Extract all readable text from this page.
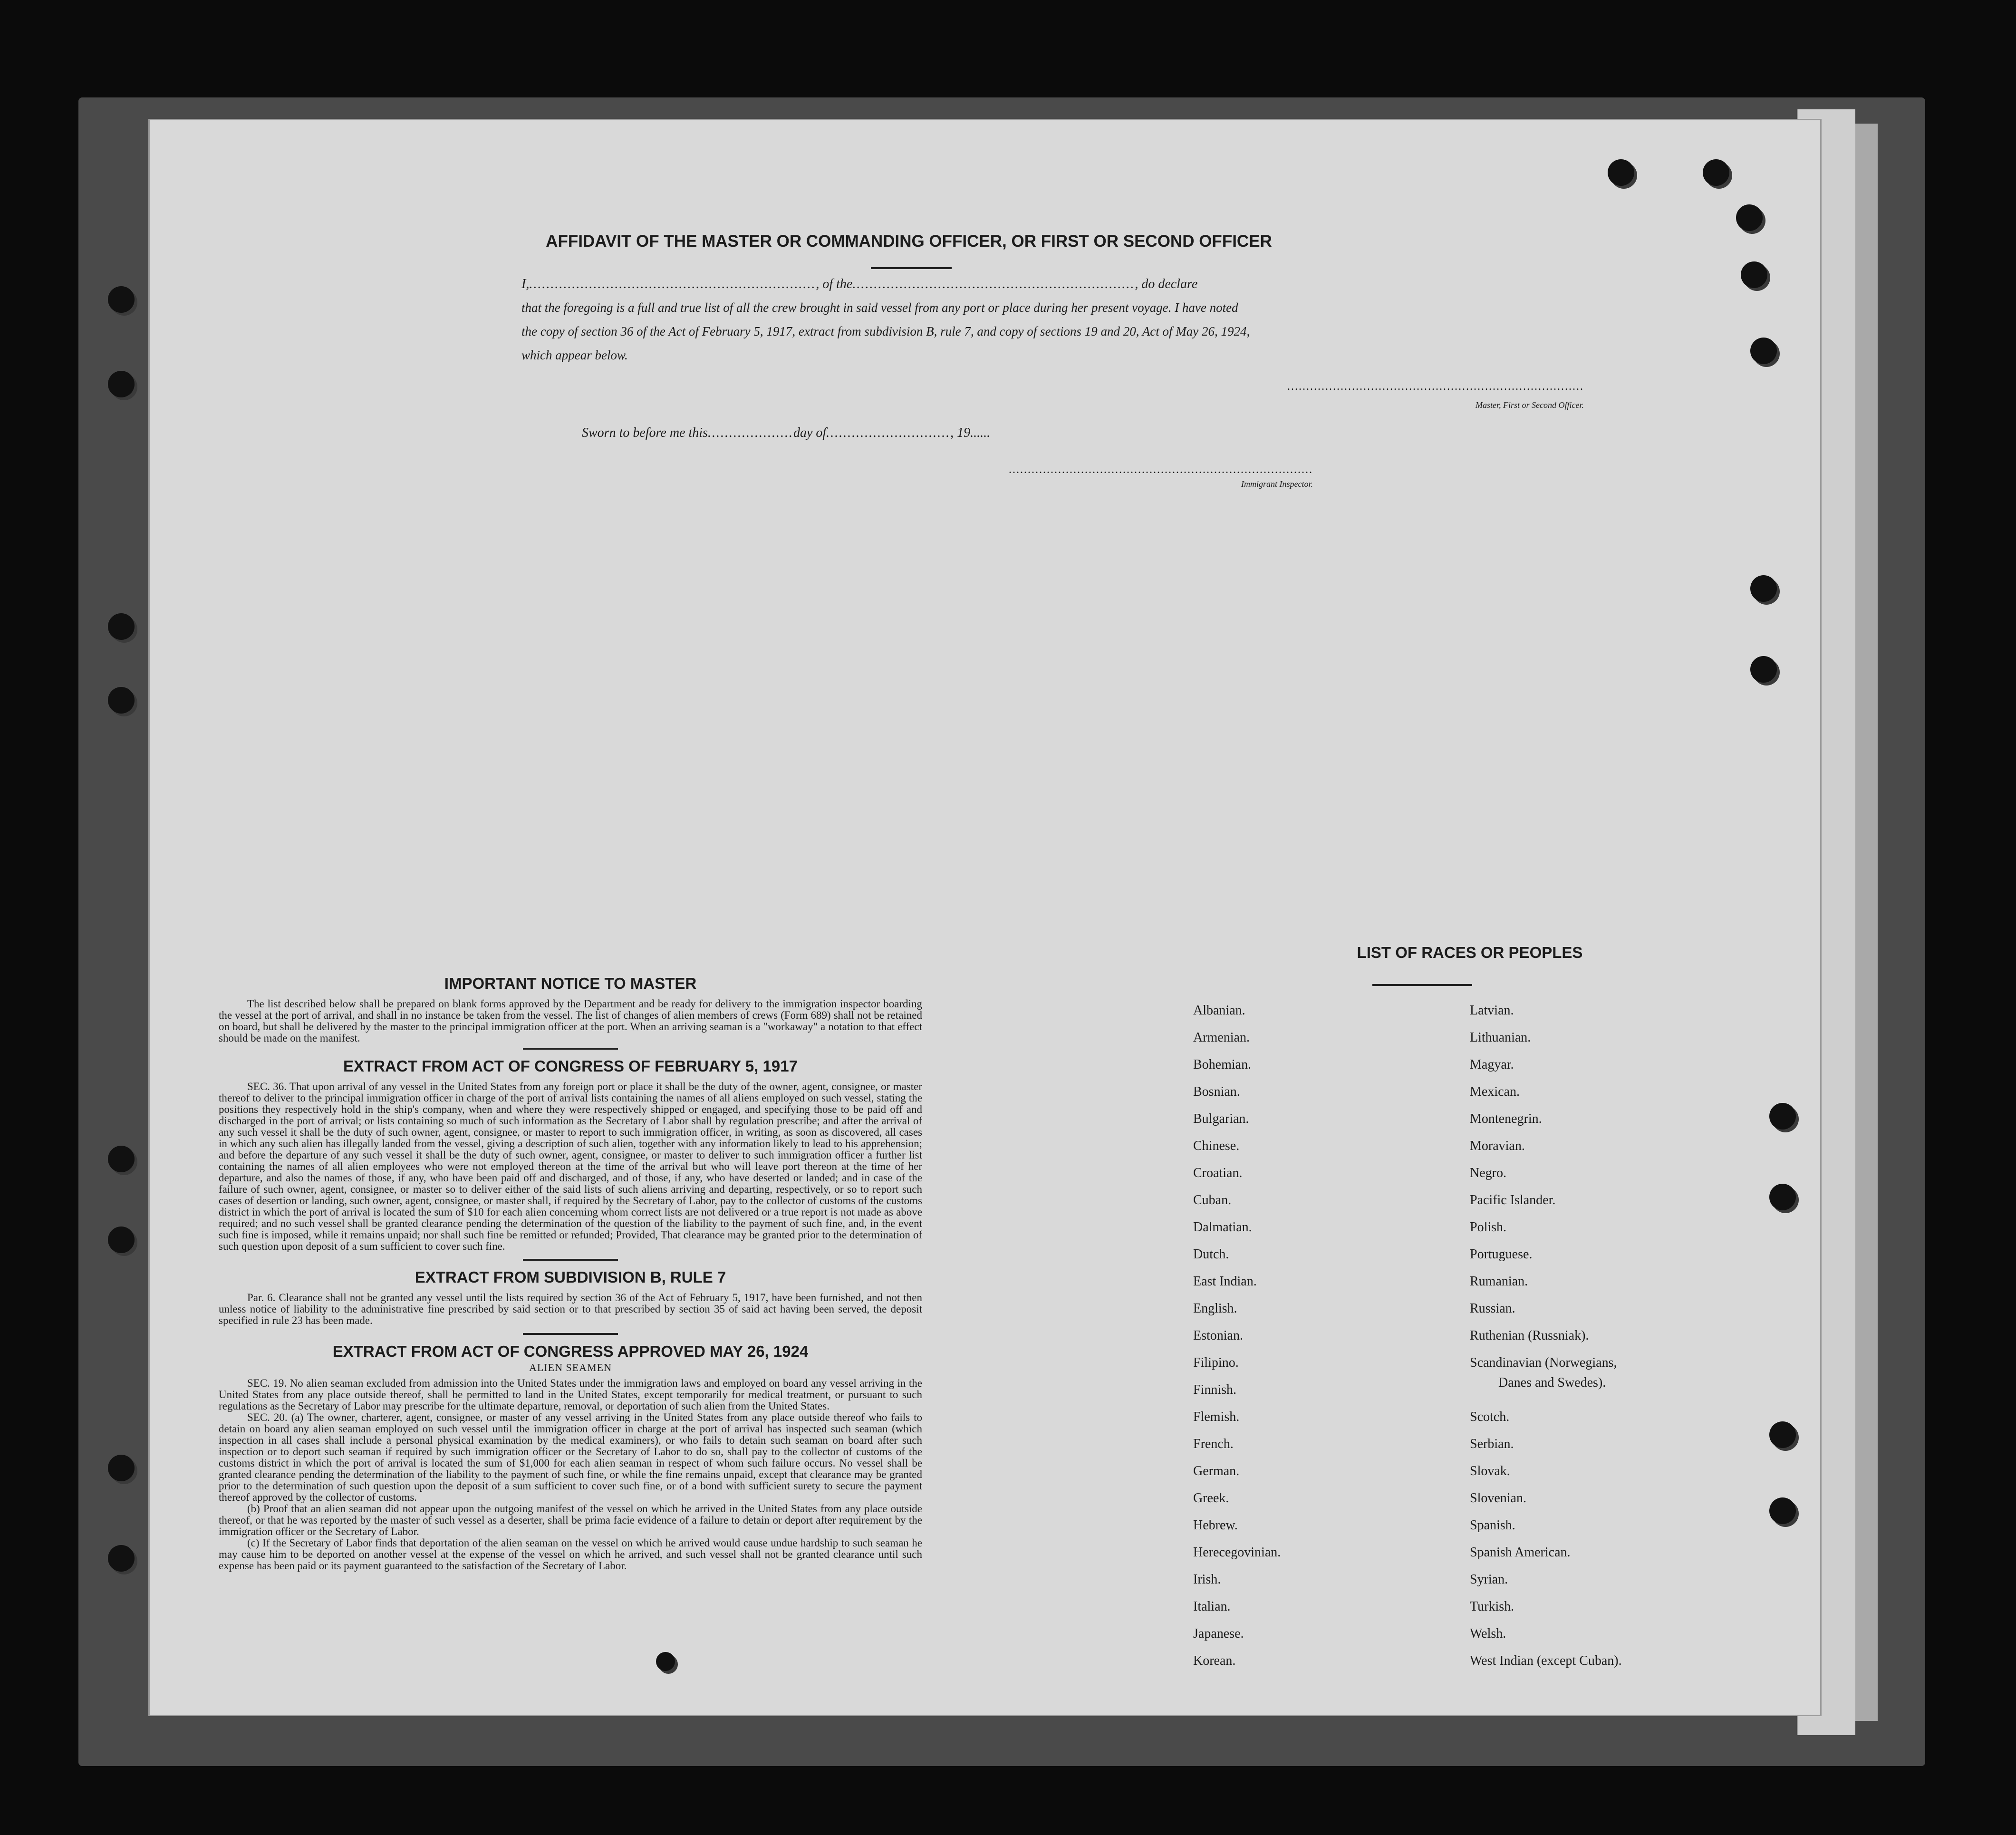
AFFIDAVIT OF THE MASTER OR COMMANDING OFFICER, OR FIRST OR SECOND OFFICER
I,..................................................................., of the.................................................................., do declare
that the foregoing is a full and true list of all the crew brought in said vessel from any port or place during her present voyage. I have noted
the copy of section 36 of the Act of February 5, 1917, extract from subdivision B, rule 7, and copy of sections 19 and 20, Act of May 26, 1924,
which appear below.
..............................................................................
Master, First or Second Officer.
Sworn to before me this....................day of............................., 19......
................................................................................
Immigrant Inspector.
IMPORTANT NOTICE TO MASTER

The list described below shall be prepared on blank forms approved by the Department and be ready for delivery to the immigration inspector boarding the vessel at the port of arrival, and shall in no instance be taken from the vessel. The list of changes of alien members of crews (Form 689) shall not be retained on board, but shall be delivered by the master to the principal immigration officer at the port. When an arriving seaman is a "workaway" a notation to that effect should be made on the manifest.

EXTRACT FROM ACT OF CONGRESS OF FEBRUARY 5, 1917

SEC. 36. That upon arrival of any vessel in the United States from any foreign port or place it shall be the duty of the owner, agent, consignee, or master thereof to deliver to the principal immigration officer in charge of the port of arrival lists containing the names of all aliens employed on such vessel, stating the positions they respectively hold in the ship's company, when and where they were respectively shipped or engaged, and specifying those to be paid off and discharged in the port of arrival; or lists containing so much of such information as the Secretary of Labor shall by regulation prescribe; and after the arrival of any such vessel it shall be the duty of such owner, agent, consignee, or master to report to such immigration officer, in writing, as soon as discovered, all cases in which any such alien has illegally landed from the vessel, giving a description of such alien, together with any information likely to lead to his apprehension; and before the departure of any such vessel it shall be the duty of such owner, agent, consignee, or master to deliver to such immigration officer a further list containing the names of all alien employees who were not employed thereon at the time of the arrival but who will leave port thereon at the time of her departure, and also the names of those, if any, who have been paid off and discharged, and of those, if any, who have deserted or landed; and in case of the failure of such owner, agent, consignee, or master so to deliver either of the said lists of such aliens arriving and departing, respectively, or so to report such cases of desertion or landing, such owner, agent, consignee, or master shall, if required by the Secretary of Labor, pay to the collector of customs of the customs district in which the port of arrival is located the sum of $10 for each alien concerning whom correct lists are not delivered or a true report is not made as above required; and no such vessel shall be granted clearance pending the determination of the question of the liability to the payment of such fine, and, in the event such fine is imposed, while it remains unpaid; nor shall such fine be remitted or refunded; Provided, That clearance may be granted prior to the determination of such question upon deposit of a sum sufficient to cover such fine.

EXTRACT FROM SUBDIVISION B, RULE 7

Par. 6. Clearance shall not be granted any vessel until the lists required by section 36 of the Act of February 5, 1917, have been furnished, and not then unless notice of liability to the administrative fine prescribed by said section or to that prescribed by section 35 of said act having been served, the deposit specified in rule 23 has been made.

EXTRACT FROM ACT OF CONGRESS APPROVED MAY 26, 1924
ALIEN SEAMEN

SEC. 19. No alien seaman excluded from admission into the United States under the immigration laws and employed on board any vessel arriving in the United States from any place outside thereof, shall be permitted to land in the United States, except temporarily for medical treatment, or pursuant to such regulations as the Secretary of Labor may prescribe for the ultimate departure, removal, or deportation of such alien from the United States.

SEC. 20. (a) The owner, charterer, agent, consignee, or master of any vessel arriving in the United States from any place outside thereof who fails to detain on board any alien seaman employed on such vessel until the immigration officer in charge at the port of arrival has inspected such seaman (which inspection in all cases shall include a personal physical examination by the medical examiners), or who fails to detain such seaman on board after such inspection or to deport such seaman if required by such immigration officer or the Secretary of Labor to do so, shall pay to the collector of customs of the customs district in which the port of arrival is located the sum of $1,000 for each alien seaman in respect of whom such failure occurs. No vessel shall be granted clearance pending the determination of the liability to the payment of such fine, or while the fine remains unpaid, except that clearance may be granted prior to the determination of such question upon the deposit of a sum sufficient to cover such fine, or of a bond with sufficient surety to secure the payment thereof approved by the collector of customs.

(b) Proof that an alien seaman did not appear upon the outgoing manifest of the vessel on which he arrived in the United States from any place outside thereof, or that he was reported by the master of such vessel as a deserter, shall be prima facie evidence of a failure to detain or deport after requirement by the immigration officer or the Secretary of Labor.

(c) If the Secretary of Labor finds that deportation of the alien seaman on the vessel on which he arrived would cause undue hardship to such seaman he may cause him to be deported on another vessel at the expense of the vessel on which he arrived, and such vessel shall not be granted clearance until such expense has been paid or its payment guaranteed to the satisfaction of the Secretary of Labor.

LIST OF RACES OR PEOPLES
Albanian.
Armenian.
Bohemian.
Bosnian.
Bulgarian.
Chinese.
Croatian.
Cuban.
Dalmatian.
Dutch.
East Indian.
English.
Estonian.
Filipino.
Finnish.
Flemish.
French.
German.
Greek.
Hebrew.
Herecegovinian.
Irish.
Italian.
Japanese.
Korean.
Latvian.
Lithuanian.
Magyar.
Mexican.
Montenegrin.
Moravian.
Negro.
Pacific Islander.
Polish.
Portuguese.
Rumanian.
Russian.
Ruthenian (Russniak).
Scandinavian (Norwegians,
Danes and Swedes).
Scotch.
Serbian.
Slovak.
Slovenian.
Spanish.
Spanish American.
Syrian.
Turkish.
Welsh.
West Indian (except Cuban).
